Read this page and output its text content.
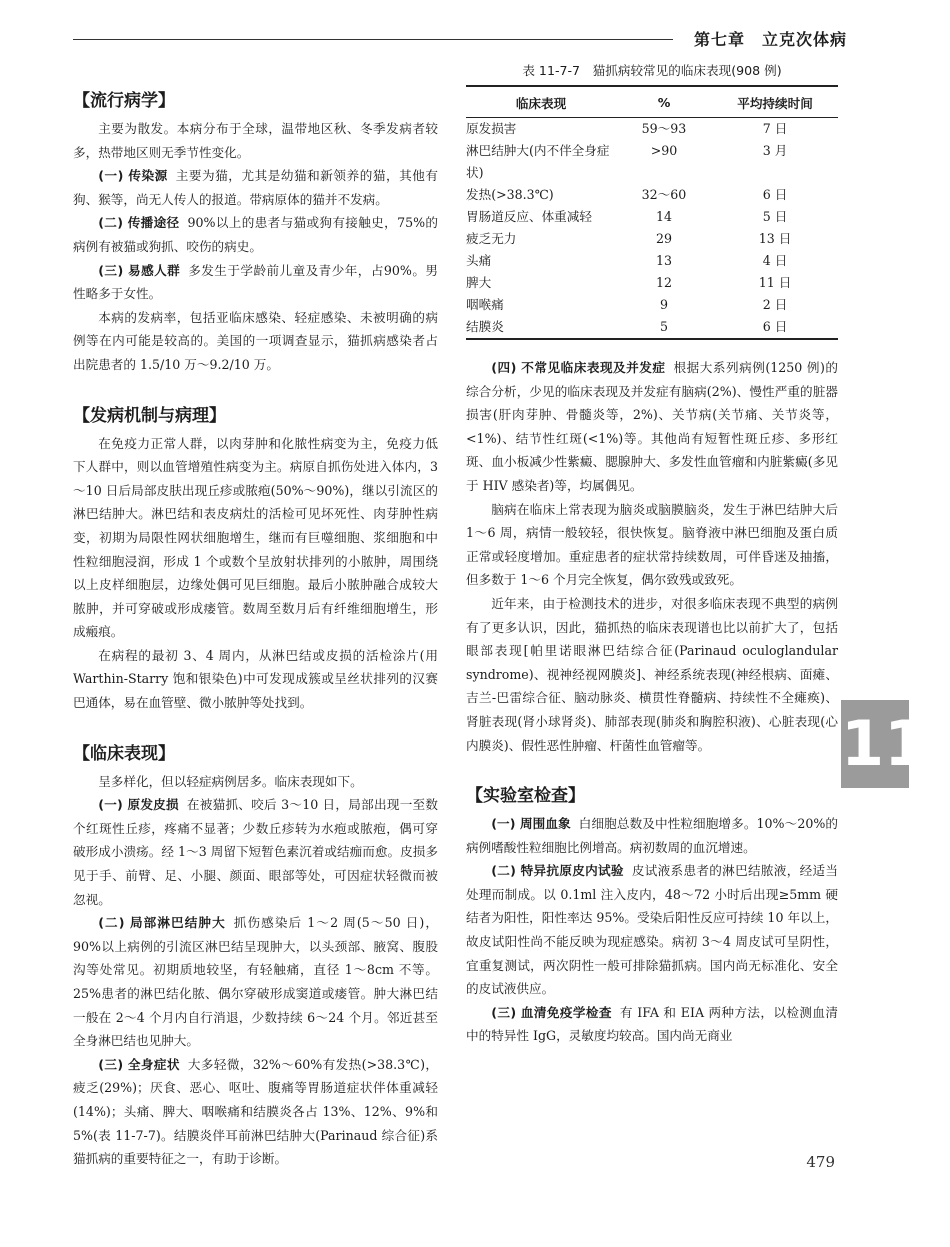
第七章　立克次体病
【流行病学】

主要为散发。本病分布于全球，温带地区秋、冬季发病者较多，热带地区则无季节性变化。

(一) 传染源 主要为猫，尤其是幼猫和新领养的猫，其他有狗、猴等，尚无人传人的报道。带病原体的猫并不发病。

(二) 传播途径 90%以上的患者与猫或狗有接触史，75%的病例有被猫或狗抓、咬伤的病史。

(三) 易感人群 多发生于学龄前儿童及青少年，占90%。男性略多于女性。

本病的发病率，包括亚临床感染、轻症感染、未被明确的病例等在内可能是较高的。美国的一项调查显示，猫抓病感染者占出院患者的 1.5/10 万～9.2/10 万。

【发病机制与病理】

在免疫力正常人群，以肉芽肿和化脓性病变为主，免疫力低下人群中，则以血管增殖性病变为主。病原自抓伤处进入体内，3～10 日后局部皮肤出现丘疹或脓疱(50%～90%)，继以引流区的淋巴结肿大。淋巴结和表皮病灶的活检可见坏死性、肉芽肿性病变，初期为局限性网状细胞增生，继而有巨噬细胞、浆细胞和中性粒细胞浸润，形成 1 个或数个呈放射状排列的小脓肿，周围绕以上皮样细胞层，边缘处偶可见巨细胞。最后小脓肿融合成较大脓肿，并可穿破或形成瘘管。数周至数月后有纤维细胞增生，形成瘢痕。

在病程的最初 3、4 周内，从淋巴结或皮损的活检涂片(用 Warthin-Starry 饱和银染色)中可发现成簇或呈丝状排列的汉赛巴通体，易在血管壁、微小脓肿等处找到。

【临床表现】

呈多样化，但以轻症病例居多。临床表现如下。

(一) 原发皮损 在被猫抓、咬后 3～10 日，局部出现一至数个红斑性丘疹，疼痛不显著；少数丘疹转为水疱或脓疱，偶可穿破形成小溃疡。经 1～3 周留下短暂色素沉着或结痂而愈。皮损多见于手、前臂、足、小腿、颜面、眼部等处，可因症状轻微而被忽视。

(二) 局部淋巴结肿大 抓伤感染后 1～2 周(5～50 日)，90%以上病例的引流区淋巴结呈现肿大，以头颈部、腋窝、腹股沟等处常见。初期质地较坚，有轻触痛，直径 1～8cm 不等。25%患者的淋巴结化脓、偶尔穿破形成窦道或瘘管。肿大淋巴结一般在 2～4 个月内自行消退，少数持续 6～24 个月。邻近甚至全身淋巴结也见肿大。

(三) 全身症状 大多轻微，32%～60%有发热(>38.3℃)，疲乏(29%)；厌食、恶心、呕吐、腹痛等胃肠道症状伴体重减轻(14%)；头痛、脾大、咽喉痛和结膜炎各占 13%、12%、9%和 5%(表 11-7-7)。结膜炎伴耳前淋巴结肿大(Parinaud 综合征)系猫抓病的重要特征之一，有助于诊断。

表 11-7-7　猫抓病较常见的临床表现(908 例)
临床表现	%	平均持续时间
原发损害	59～93	7 日
淋巴结肿大(内不伴全身症状)	>90	3 月
发热(>38.3℃)	32～60	6 日
胃肠道反应、体重减轻	14	5 日
疲乏无力	29	13 日
头痛	13	4 日
脾大	12	11 日
咽喉痛	9	2 日
结膜炎	5	6 日

(四) 不常见临床表现及并发症 根据大系列病例(1250 例)的综合分析，少见的临床表现及并发症有脑病(2%)、慢性严重的脏器损害(肝肉芽肿、骨髓炎等，2%)、关节病(关节痛、关节炎等，<1%)、结节性红斑(<1%)等。其他尚有短暂性斑丘疹、多形红斑、血小板减少性紫癜、腮腺肿大、多发性血管瘤和内脏紫癜(多见于 HIV 感染者)等，均属偶见。

脑病在临床上常表现为脑炎或脑膜脑炎，发生于淋巴结肿大后 1～6 周，病情一般较轻，很快恢复。脑脊液中淋巴细胞及蛋白质正常或轻度增加。重症患者的症状常持续数周，可伴昏迷及抽搐，但多数于 1～6 个月完全恢复，偶尔致残或致死。

近年来，由于检测技术的进步，对很多临床表现不典型的病例有了更多认识，因此，猫抓热的临床表现谱也比以前扩大了，包括眼部表现[帕里诺眼淋巴结综合征(Parinaud oculoglandular syndrome)、视神经视网膜炎]、神经系统表现(神经根病、面瘫、吉兰-巴雷综合征、脑动脉炎、横贯性脊髓病、持续性不全瘫痪)、肾脏表现(肾小球肾炎)、肺部表现(肺炎和胸腔积液)、心脏表现(心内膜炎)、假性恶性肿瘤、杆菌性血管瘤等。

【实验室检查】

(一) 周围血象 白细胞总数及中性粒细胞增多。10%～20%的病例嗜酸性粒细胞比例增高。病初数周的血沉增速。

(二) 特异抗原皮内试验 皮试液系患者的淋巴结脓液，经适当处理而制成。以 0.1ml 注入皮内，48～72 小时后出现≥5mm 硬结者为阳性，阳性率达 95%。受染后阳性反应可持续 10 年以上，故皮试阳性尚不能反映为现症感染。病初 3～4 周皮试可呈阴性，宜重复测试，两次阴性一般可排除猫抓病。国内尚无标准化、安全的皮试液供应。

(三) 血清免疫学检查 有 IFA 和 EIA 两种方法，以检测血清中的特异性 IgG，灵敏度均较高。国内尚无商业

11
479
